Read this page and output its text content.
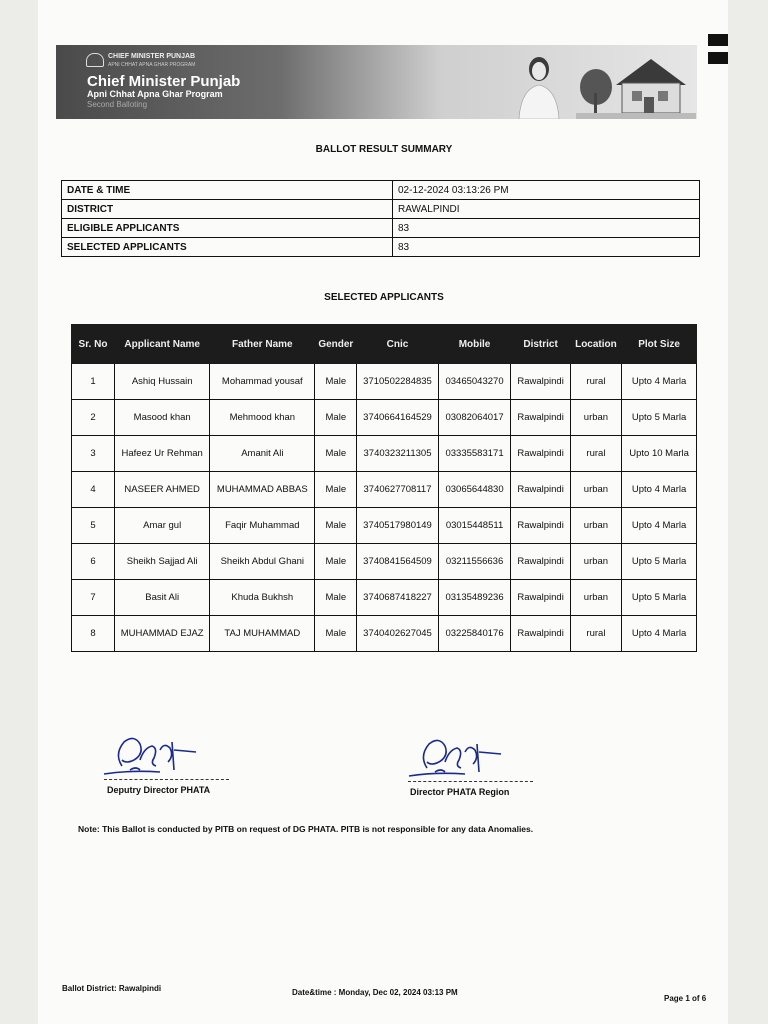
CHIEF MINISTER PUNJAB
APNI CHHAT APNA GHAR PROGRAM
Chief Minister Punjab
Apni Chhat Apna Ghar Program
Second Balloting
BALLOT RESULT SUMMARY
DATE & TIME	02-12-2024 03:13:26 PM
DISTRICT	RAWALPINDI
ELIGIBLE APPLICANTS	83
SELECTED APPLICANTS	83
SELECTED APPLICANTS
Sr. No	Applicant Name	Father Name	Gender	Cnic	Mobile	District	Location	Plot Size
1	Ashiq Hussain	Mohammad yousaf	Male	3710502284835	03465043270	Rawalpindi	rural	Upto 4 Marla
2	Masood khan	Mehmood khan	Male	3740664164529	03082064017	Rawalpindi	urban	Upto 5 Marla
3	Hafeez Ur Rehman	Amanit Ali	Male	3740323211305	03335583171	Rawalpindi	rural	Upto 10 Marla
4	NASEER AHMED	MUHAMMAD ABBAS	Male	3740627708117	03065644830	Rawalpindi	urban	Upto 4 Marla
5	Amar gul	Faqir Muhammad	Male	3740517980149	03015448511	Rawalpindi	urban	Upto 4 Marla
6	Sheikh Sajjad Ali	Sheikh Abdul Ghani	Male	3740841564509	03211556636	Rawalpindi	urban	Upto 5 Marla
7	Basit Ali	Khuda Bukhsh	Male	3740687418227	03135489236	Rawalpindi	urban	Upto 5 Marla
8	MUHAMMAD EJAZ	TAJ MUHAMMAD	Male	3740402627045	03225840176	Rawalpindi	rural	Upto 4 Marla
Deputry Director PHATA	Director PHATA Region
Note: This Ballot is conducted by PITB on request of DG PHATA. PITB is not responsible for any data Anomalies.
Ballot District: Rawalpindi	Date&time : Monday, Dec 02, 2024 03:13 PM
Page 1 of 6
